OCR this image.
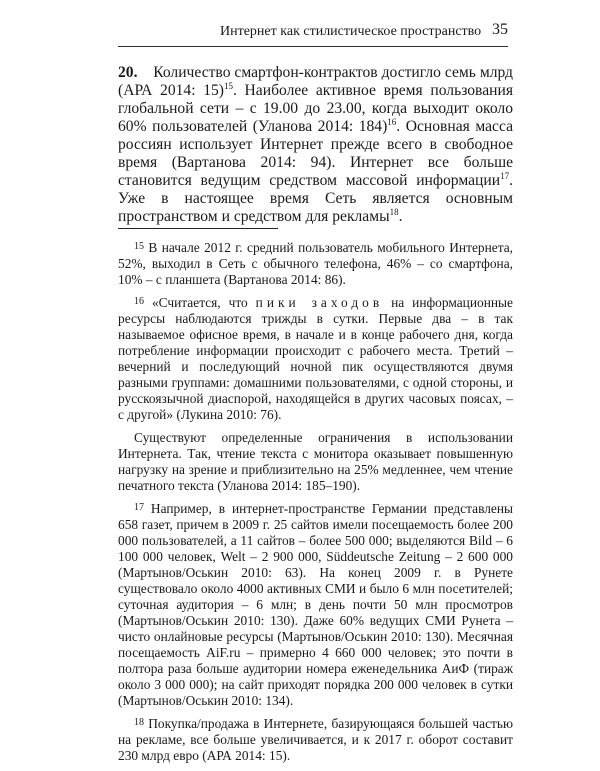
Интернет как стилистическое пространство 35

20. Количество смартфон-контрактов достигло семь млрд (АРА 2014: 15)$^{15}$. Наиболее активное время пользования глобальной сети – с 19.00 до 23.00, когда выходит около 60% пользователей (Уланова 2014: 184)$^{16}$. Основная масса россиян использует Интернет прежде всего в свободное время (Вартанова 2014: 94). Интернет все больше становится ведущим средством массовой информации$^{17}$. Уже в настоящее время Сеть является основным пространством и средством для рекламы$^{18}$.

$^{15}$ В начале 2012 г. средний пользователь мобильного Интернета, 52%, выходил в Сеть с обычного телефона, 46% – со смартфона, 10% – с планшета (Вартанова 2014: 86).

$^{16}$ «Считается, что пики заходов на информационные ресурсы наблюдаются трижды в сутки. Первые два – в так называемое офисное время, в начале и в конце рабочего дня, когда потребление информации происходит с рабочего места. Третий – вечерний и последующий ночной пик осуществляются двумя разными группами: домашними пользователями, с одной стороны, и русскоязычной диаспорой, находящейся в других часовых поясах, – с другой» (Лукина 2010: 76).

Существуют определенные ограничения в использовании Интернета. Так, чтение текста с монитора оказывает повышенную нагрузку на зрение и приблизительно на 25% медленнее, чем чтение печатного текста (Уланова 2014: 185–190).

$^{17}$ Например, в интернет-пространстве Германии представлены 658 газет, причем в 2009 г. 25 сайтов имели посещаемость более 200 000 пользователей, а 11 сайтов – более 500 000; выделяются Bild – 6 100 000 человек, Welt – 2 900 000, Süddeutsche Zeitung – 2 600 000 (Мартынов/Оськин 2010: 63). На конец 2009 г. в Рунете существовало около 4000 активных СМИ и было 6 млн посетителей; суточная аудитория – 6 млн; в день почти 50 млн просмотров (Мартынов/Оськин 2010: 130). Даже 60% ведущих СМИ Рунета – чисто онлайновые ресурсы (Мартынов/Оськин 2010: 130). Месячная посещаемость AiF.ru – примерно 4 660 000 человек; это почти в полтора раза больше аудитории номера еженедельника АиФ (тираж около 3 000 000); на сайт приходят порядка 200 000 человек в сутки (Мартынов/Оськин 2010: 134).

$^{18}$ Покупка/продажа в Интернете, базирующаяся большей частью на рекламе, все больше увеличивается, и к 2017 г. оборот составит 230 млрд евро (АРА 2014: 15).
